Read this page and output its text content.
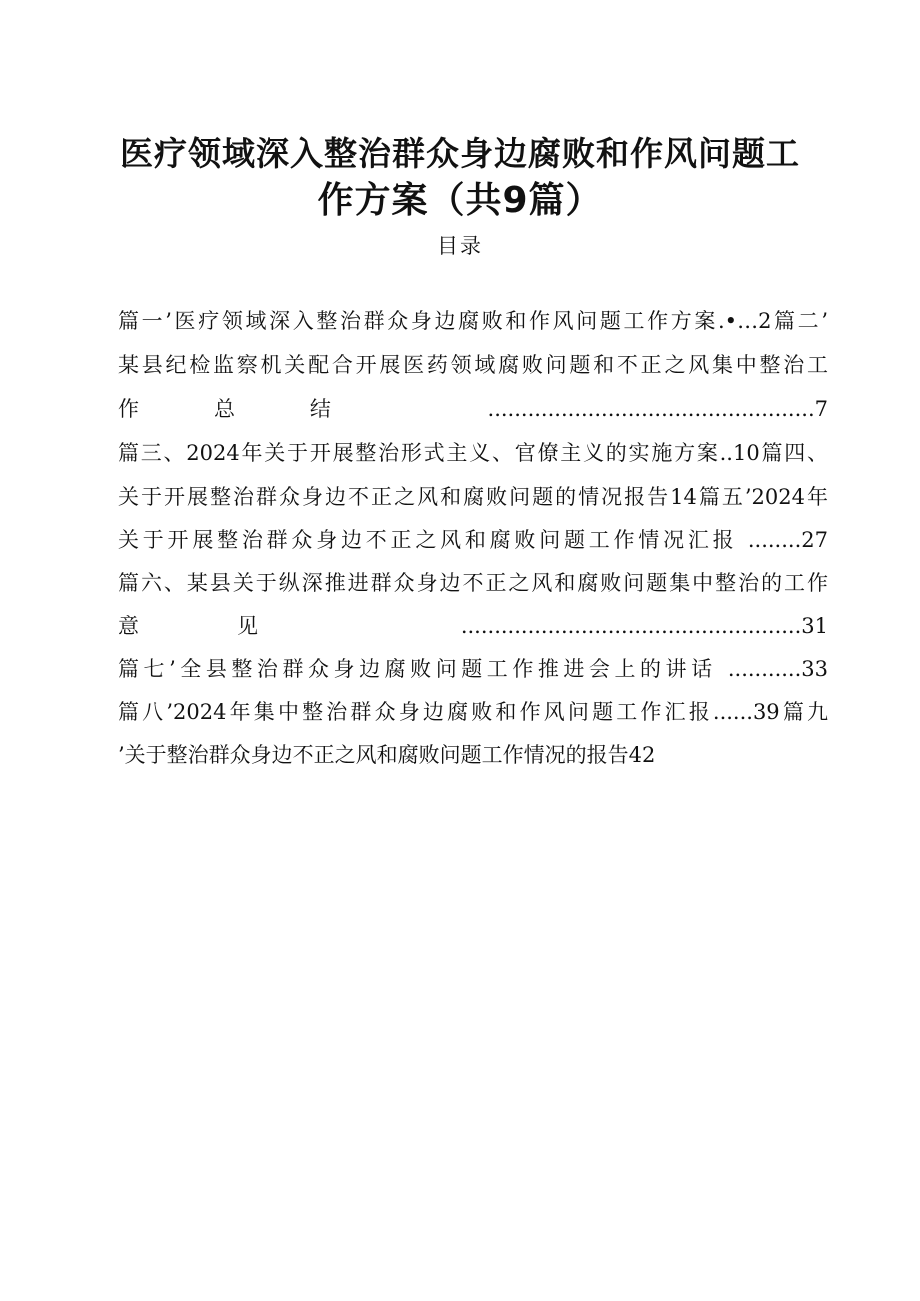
医疗领域深入整治群众身边腐败和作风问题工
作方案（共9篇）
目录
篇一’医疗领域深入整治群众身边腐败和作风问题工作方案.•…2篇二’
某县纪检监察机关配合开展医药领域腐败问题和不正之风集中整治工
作总结 .................................................7
篇三、2024年关于开展整治形式主义、官僚主义的实施方案..10篇四、
关于开展整治群众身边不正之风和腐败问题的情况报告14篇五’2024年
关于开展整治群众身边不正之风和腐败问题工作情况汇报 ........27
篇六、某县关于纵深推进群众身边不正之风和腐败问题集中整治的工作
意见 ...................................................31
篇七’全县整治群众身边腐败问题工作推进会上的讲话 ...........33
篇八’2024年集中整治群众身边腐败和作风问题工作汇报......39篇九
’关于整治群众身边不正之风和腐败问题工作情况的报告42
